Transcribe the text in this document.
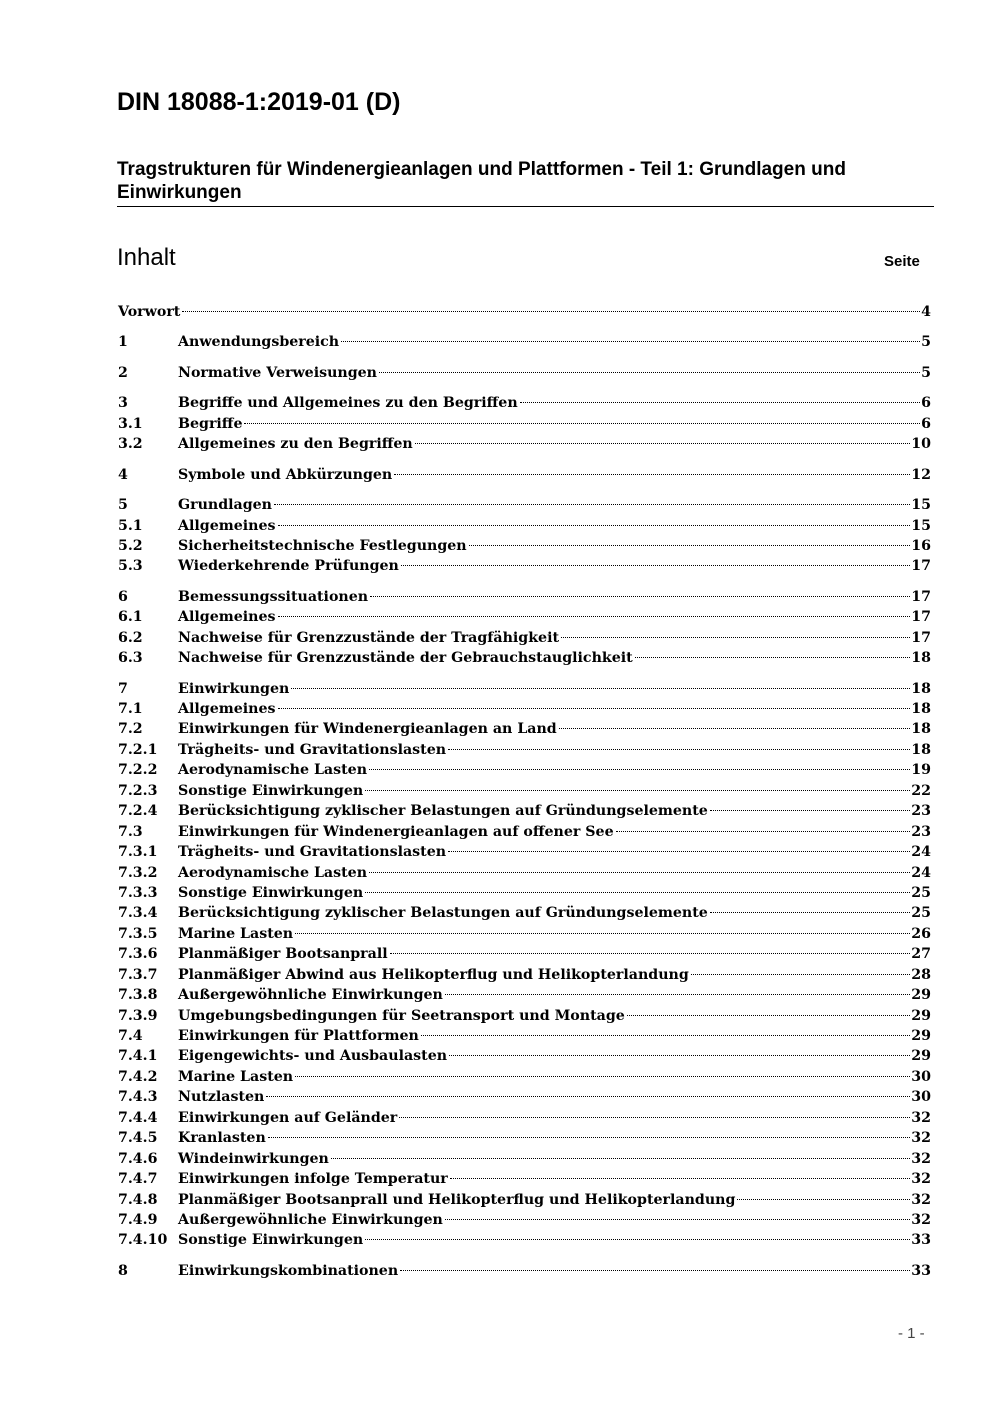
DIN 18088-1:2019-01 (D)
Tragstrukturen für Windenergieanlagen und Plattformen - Teil 1: Grundlagen und Einwirkungen
Inhalt	Seite
Vorwort	4
1	Anwendungsbereich	5
2	Normative Verweisungen	5
3	Begriffe und Allgemeines zu den Begriffen	6
3.1	Begriffe	6
3.2	Allgemeines zu den Begriffen	10
4	Symbole und Abkürzungen	12
5	Grundlagen	15
5.1	Allgemeines	15
5.2	Sicherheitstechnische Festlegungen	16
5.3	Wiederkehrende Prüfungen	17
6	Bemessungssituationen	17
6.1	Allgemeines	17
6.2	Nachweise für Grenzzustände der Tragfähigkeit	17
6.3	Nachweise für Grenzzustände der Gebrauchstauglichkeit	18
7	Einwirkungen	18
7.1	Allgemeines	18
7.2	Einwirkungen für Windenergieanlagen an Land	18
7.2.1	Trägheits- und Gravitationslasten	18
7.2.2	Aerodynamische Lasten	19
7.2.3	Sonstige Einwirkungen	22
7.2.4	Berücksichtigung zyklischer Belastungen auf Gründungselemente	23
7.3	Einwirkungen für Windenergieanlagen auf offener See	23
7.3.1	Trägheits- und Gravitationslasten	24
7.3.2	Aerodynamische Lasten	24
7.3.3	Sonstige Einwirkungen	25
7.3.4	Berücksichtigung zyklischer Belastungen auf Gründungselemente	25
7.3.5	Marine Lasten	26
7.3.6	Planmäßiger Bootsanprall	27
7.3.7	Planmäßiger Abwind aus Helikopterflug und Helikopterlandung	28
7.3.8	Außergewöhnliche Einwirkungen	29
7.3.9	Umgebungsbedingungen für Seetransport und Montage	29
7.4	Einwirkungen für Plattformen	29
7.4.1	Eigengewichts- und Ausbaulasten	29
7.4.2	Marine Lasten	30
7.4.3	Nutzlasten	30
7.4.4	Einwirkungen auf Geländer	32
7.4.5	Kranlasten	32
7.4.6	Windeinwirkungen	32
7.4.7	Einwirkungen infolge Temperatur	32
7.4.8	Planmäßiger Bootsanprall und Helikopterflug und Helikopterlandung	32
7.4.9	Außergewöhnliche Einwirkungen	32
7.4.10 Sonstige Einwirkungen	33
8	Einwirkungskombinationen	33
- 1 -
